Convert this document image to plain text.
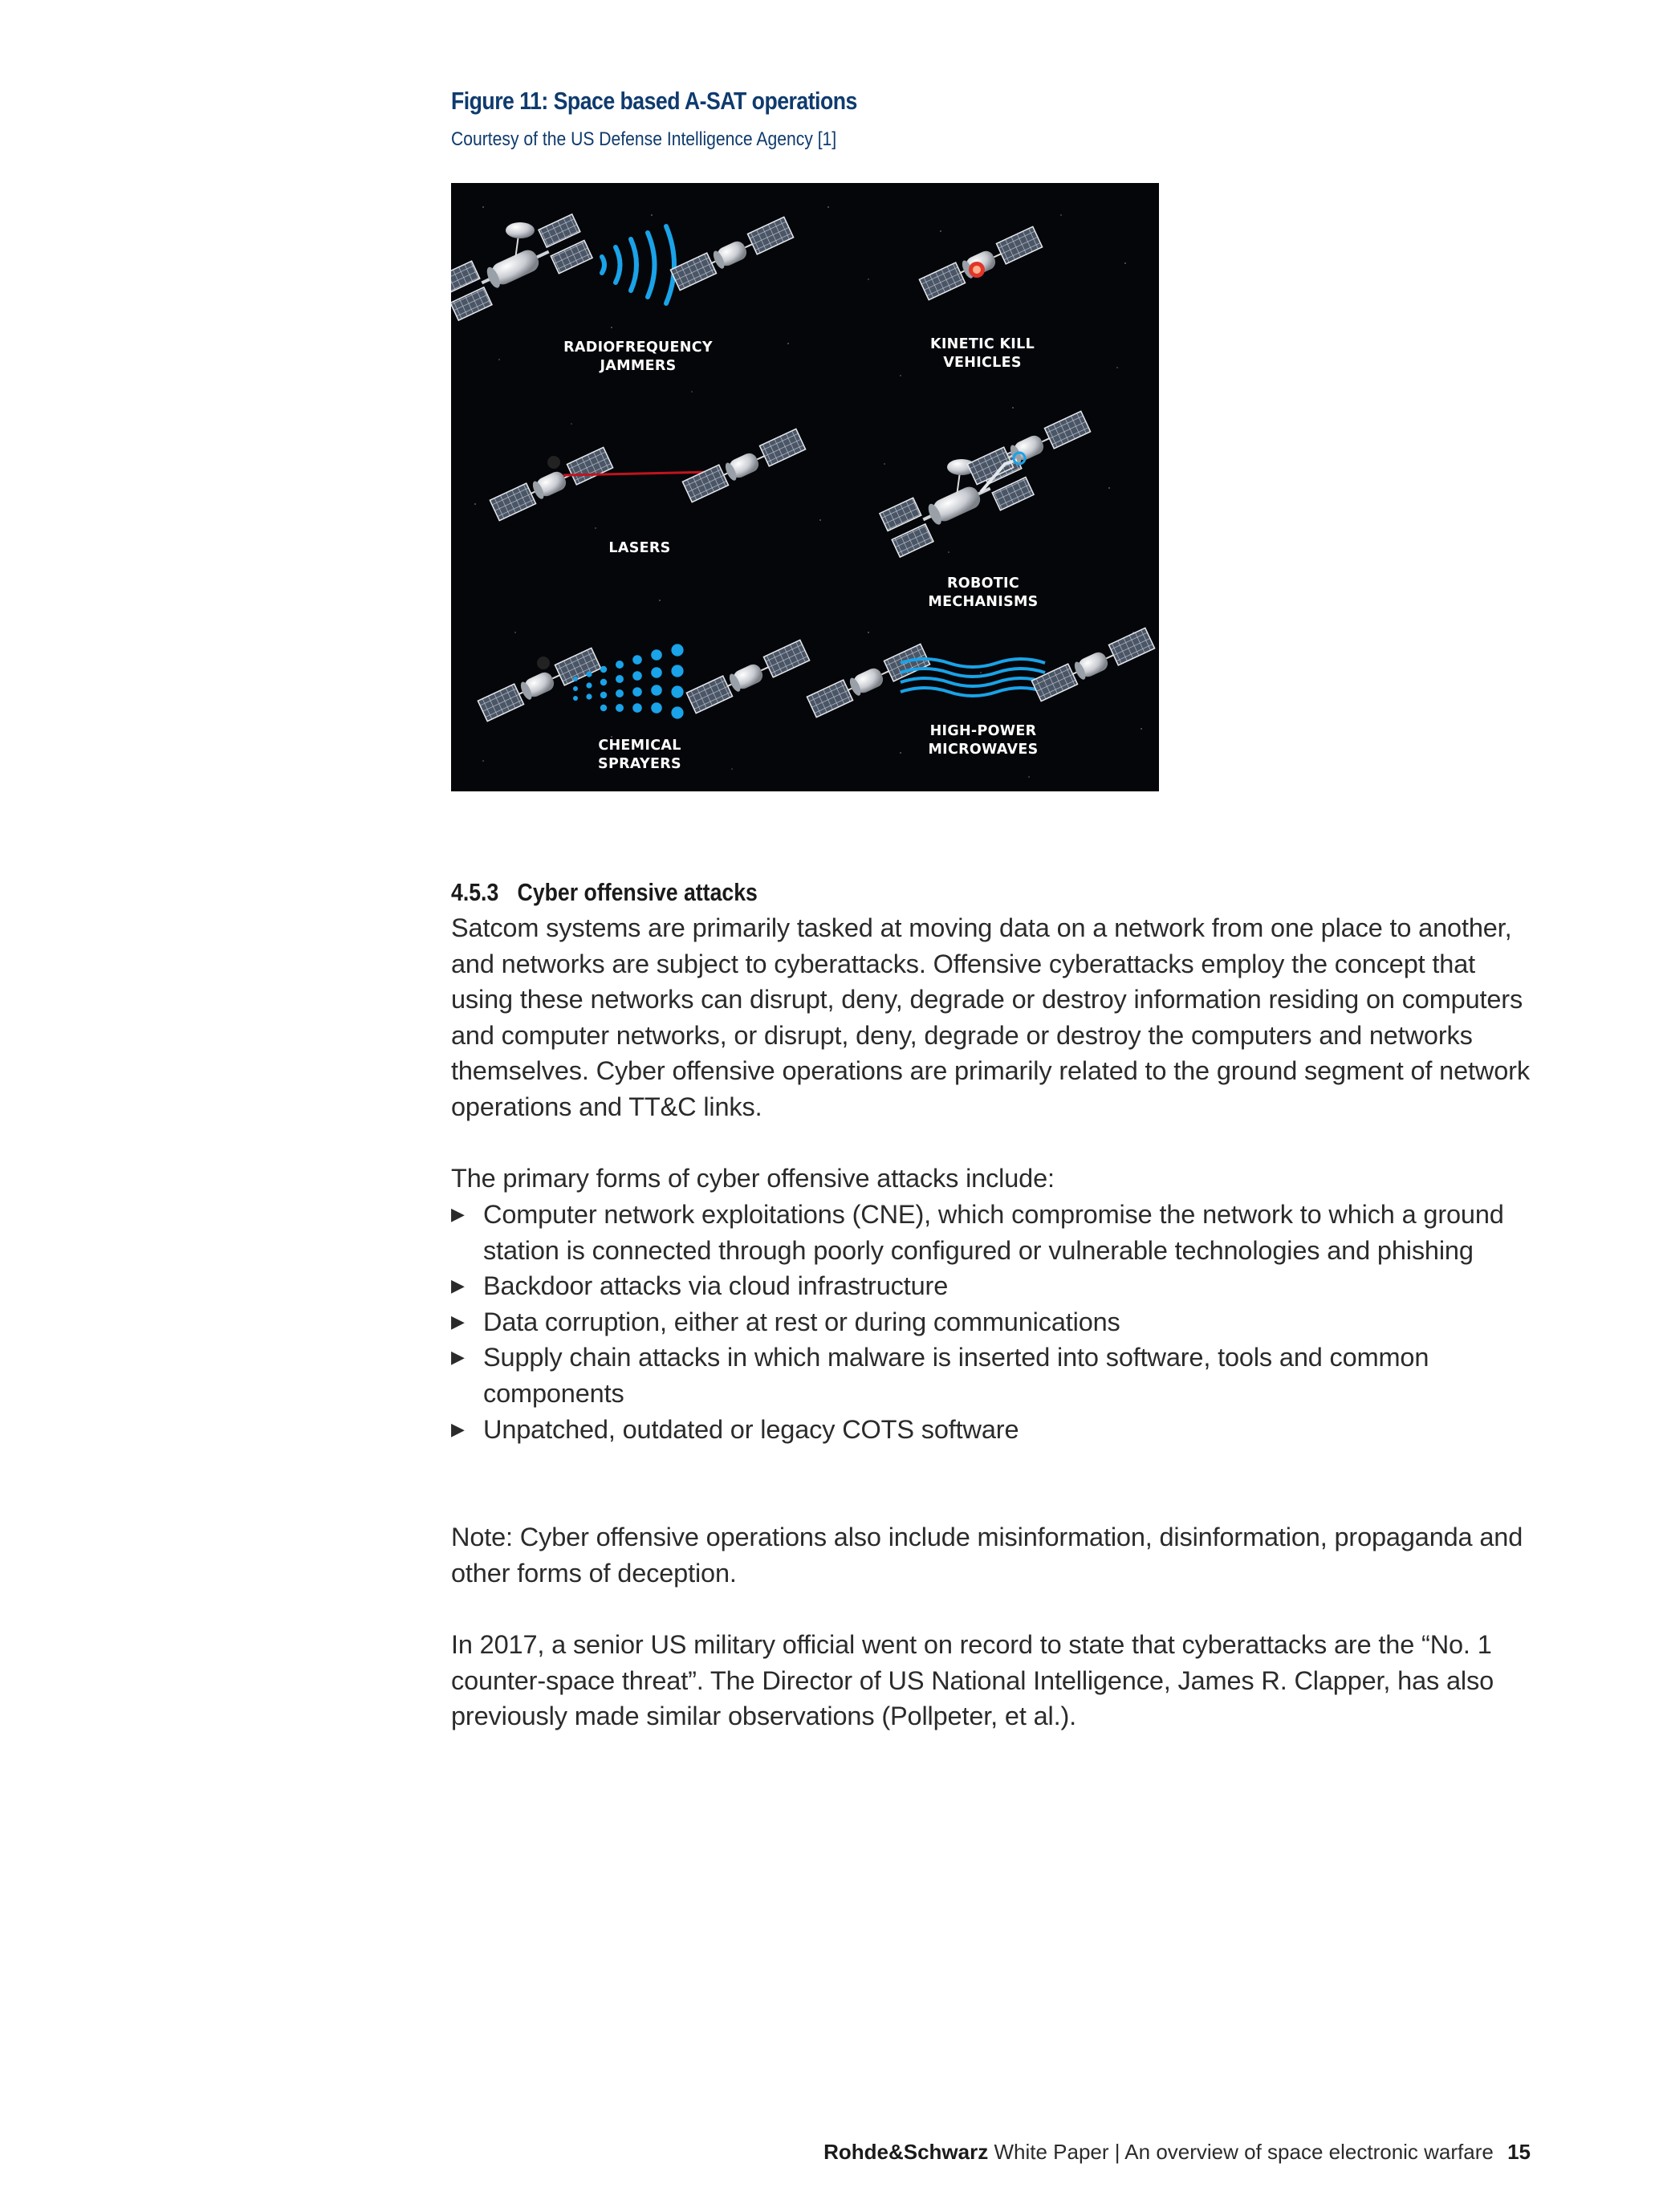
Figure 11: Space based A-SAT operations
Courtesy of the US Defense Intelligence Agency [1]
RADIOFREQUENCY
JAMMERS
KINETIC KILL
VEHICLES
LASERS
ROBOTIC
MECHANISMS
CHEMICAL
SPRAYERS
HIGH-POWER
MICROWAVES
4.5.3 Cyber offensive attacks
Satcom systems are primarily tasked at moving data on a network from one place to another, and networks are subject to cyberattacks. Offensive cyberattacks employ the concept that using these networks can disrupt, deny, degrade or destroy information residing on computers and computer networks, or disrupt, deny, degrade or destroy the computers and networks themselves. Cyber offensive operations are primarily related to the ground segment of network operations and TT&C links.
The primary forms of cyber offensive attacks include:
▶ Computer network exploitations (CNE), which compromise the network to which a ground station is connected through poorly configured or vulnerable technologies and phishing
▶ Backdoor attacks via cloud infrastructure
▶ Data corruption, either at rest or during communications
▶ Supply chain attacks in which malware is inserted into software, tools and common components
▶ Unpatched, outdated or legacy COTS software
Note: Cyber offensive operations also include misinformation, disinformation, propaganda and other forms of deception.
In 2017, a senior US military official went on record to state that cyberattacks are the “No. 1 counter-space threat”. The Director of US National Intelligence, James R. Clapper, has also previously made similar observations (Pollpeter, et al.).
Rohde&Schwarz White Paper | An overview of space electronic warfare 15
